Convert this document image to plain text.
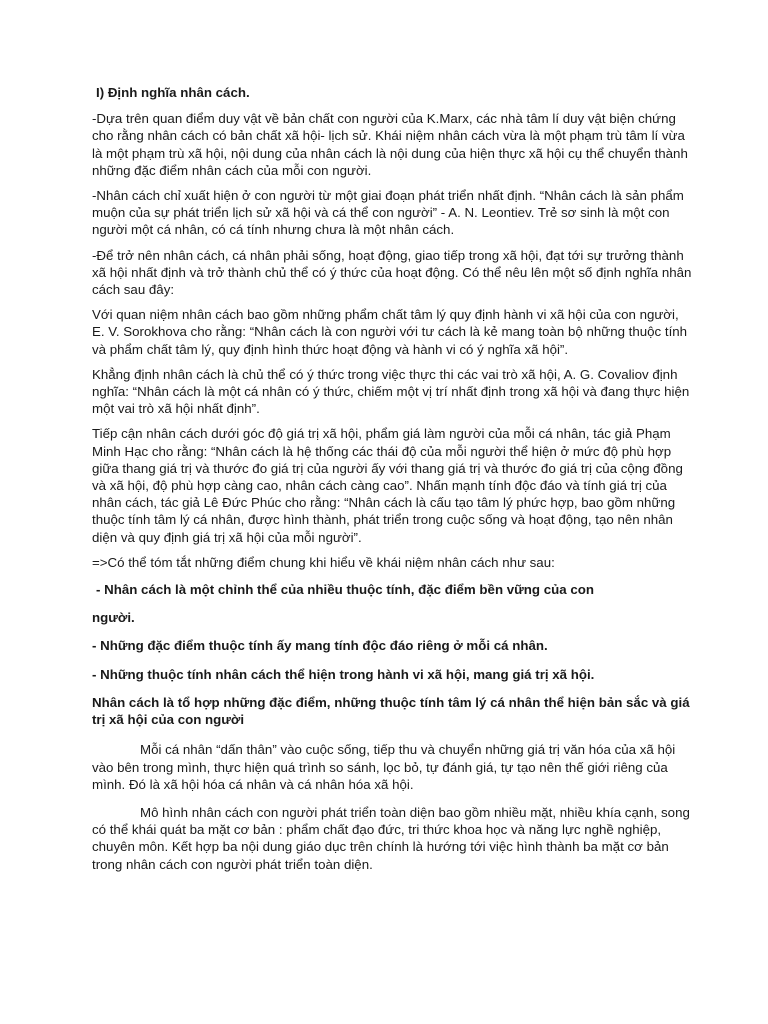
I) Định nghĩa nhân cách.

-Dựa trên quan điểm duy vật về bản chất con người của K.Marx, các nhà tâm lí duy vật biện chứng cho rằng nhân cách có bản chất xã hội- lịch sử. Khái niệm nhân cách vừa là một phạm trù tâm lí vừa là một phạm trù xã hội, nội dung của nhân cách là nội dung của hiện thực xã hội cụ thể chuyển thành những đặc điểm nhân cách của mỗi con người.

-Nhân cách chỉ xuất hiện ở con người từ một giai đoạn phát triển nhất định. “Nhân cách là sản phẩm muộn của sự phát triển lịch sử xã hội và cá thể con người” - A. N. Leontiev. Trẻ sơ sinh là một con người một cá nhân, có cá tính nhưng chưa là một nhân cách.

-Để trở nên nhân cách, cá nhân phải sống, hoạt động, giao tiếp trong xã hội, đạt tới sự trưởng thành xã hội nhất định và trở thành chủ thể có ý thức của hoạt động. Có thể nêu lên một số định nghĩa nhân cách sau đây:

Với quan niệm nhân cách bao gồm những phẩm chất tâm lý quy định hành vi xã hội của con người, E. V. Sorokhova cho rằng: “Nhân cách là con người với tư cách là kẻ mang toàn bộ những thuộc tính và phẩm chất tâm lý, quy định hình thức hoạt động và hành vi có ý nghĩa xã hội”.

Khẳng định nhân cách là chủ thể có ý thức trong việc thực thi các vai trò xã hội, A. G. Covaliov định nghĩa: “Nhân cách là một cá nhân có ý thức, chiếm một vị trí nhất định trong xã hội và đang thực hiện một vai trò xã hội nhất định”.

Tiếp cận nhân cách dưới góc độ giá trị xã hội, phẩm giá làm người của mỗi cá nhân, tác giả Phạm Minh Hạc cho rằng: “Nhân cách là hệ thống các thái độ của mỗi người thể hiện ở mức độ phù hợp giữa thang giá trị và thước đo giá trị của người ấy với thang giá trị và thước đo giá trị của cộng đồng và xã hội, độ phù hợp càng cao, nhân cách càng cao”. Nhấn mạnh tính độc đáo và tính giá trị của nhân cách, tác giả Lê Đức Phúc cho rằng: “Nhân cách là cấu tạo tâm lý phức hợp, bao gồm những thuộc tính tâm lý cá nhân, được hình thành, phát triển trong cuộc sống và hoạt động, tạo nên nhân diện và quy định giá trị xã hội của mỗi người”.

=>Có thể tóm tắt những điểm chung khi hiểu về khái niệm nhân cách như sau:

- Nhân cách là một chỉnh thể của nhiều thuộc tính, đặc điểm bền vững của con

người.

- Những đặc điểm thuộc tính ấy mang tính độc đáo riêng ở mỗi cá nhân.

- Những thuộc tính nhân cách thể hiện trong hành vi xã hội, mang giá trị xã hội.

Nhân cách là tổ hợp những đặc điểm, những thuộc tính tâm lý cá nhân thể hiện bản sắc và giá trị xã hội của con người

Mỗi cá nhân “dấn thân” vào cuộc sống, tiếp thu và chuyển những giá trị văn hóa của xã hội vào bên trong mình, thực hiện quá trình so sánh, lọc bỏ, tự đánh giá, tự tạo nên thế giới riêng của mình. Đó là xã hội hóa cá nhân và cá nhân hóa xã hội.

Mô hình nhân cách con người phát triển toàn diện bao gồm nhiều mặt, nhiều khía cạnh, song có thể khái quát ba mặt cơ bản : phẩm chất đạo đức, tri thức khoa học và năng lực nghề nghiệp, chuyên môn. Kết hợp ba nội dung giáo dục trên chính là hướng tới việc hình thành ba mặt cơ bản trong nhân cách con người phát triển toàn diện.
